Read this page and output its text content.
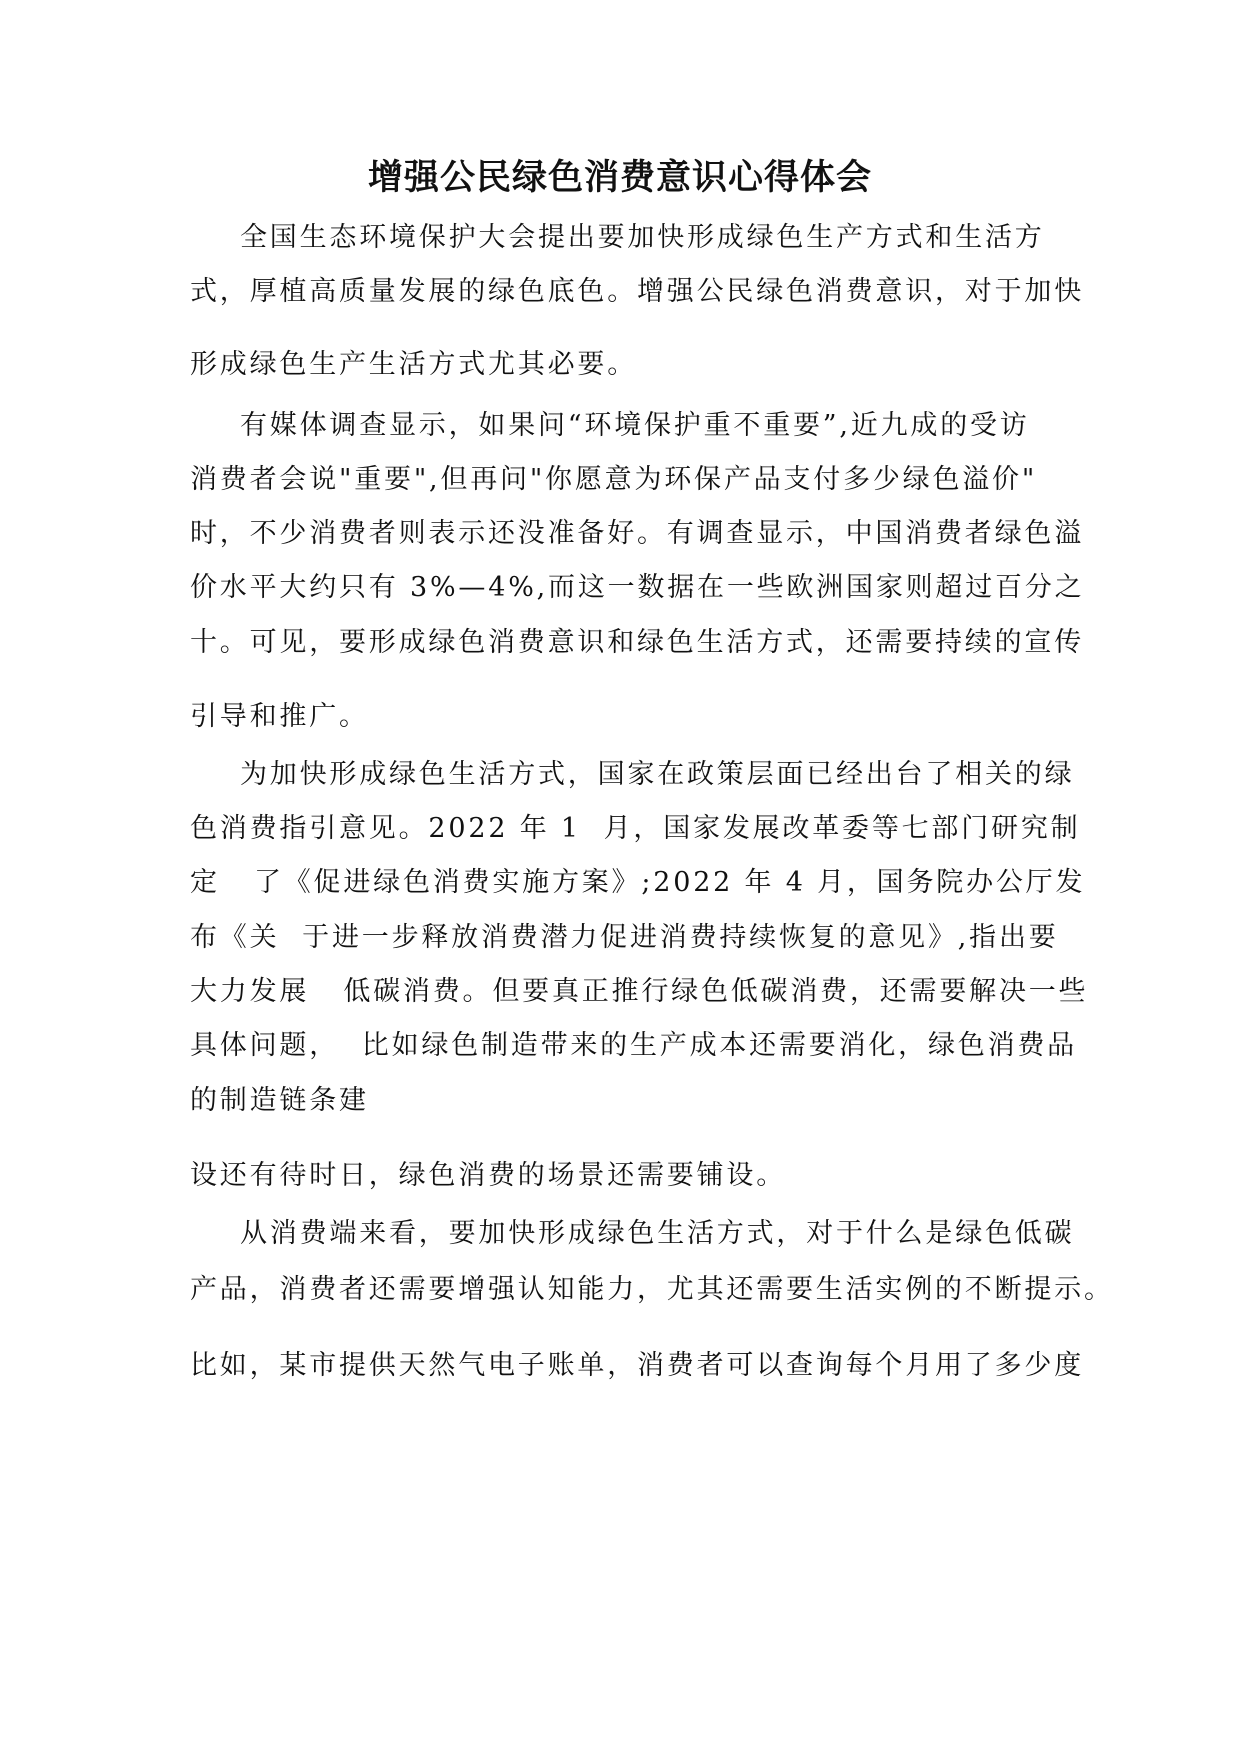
增强公民绿色消费意识心得体会
全国生态环境保护大会提出要加快形成绿色生产方式和生活方
式，厚植高质量发展的绿色底色。增强公民绿色消费意识，对于加快
形成绿色生产生活方式尤其必要。
有媒体调查显示，如果问“环境保护重不重要”,近九成的受访
消费者会说"重要",但再问"你愿意为环保产品支付多少绿色溢价"
时，不少消费者则表示还没准备好。有调查显示，中国消费者绿色溢
价水平大约只有 3%—4%,而这一数据在一些欧洲国家则超过百分之
十。可见，要形成绿色消费意识和绿色生活方式，还需要持续的宣传
引导和推广。
为加快形成绿色生活方式，国家在政策层面已经出台了相关的绿
色消费指引意见。2022 年 1  月，国家发展改革委等七部门研究制
定   了《促进绿色消费实施方案》;2022 年 4 月，国务院办公厅发
布《关  于进一步释放消费潜力促进消费持续恢复的意见》,指出要
大力发展   低碳消费。但要真正推行绿色低碳消费，还需要解决一些
具体问题，  比如绿色制造带来的生产成本还需要消化，绿色消费品
的制造链条建
设还有待时日，绿色消费的场景还需要铺设。
从消费端来看，要加快形成绿色生活方式，对于什么是绿色低碳
产品，消费者还需要增强认知能力，尤其还需要生活实例的不断提示。
比如，某市提供天然气电子账单，消费者可以查询每个月用了多少度
